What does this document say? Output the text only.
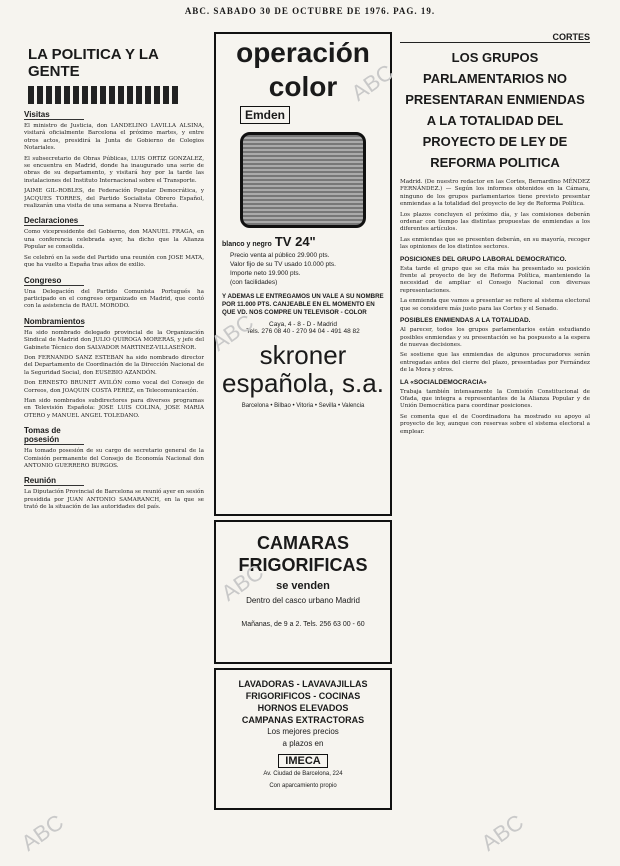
ABC. SABADO 30 DE OCTUBRE DE 1976. PAG. 19.
LA POLITICA Y LA GENTE
Visitas

El ministro de Justicia, don LANDELINO LAVILLA ALSINA, visitará oficialmente Barcelona el próximo martes, y entre otros actos, presidirá la Junta de Gobierno de Colegios Notariales.

El subsecretario de Obras Públicas, LUIS ORTIZ GONZALEZ, se encuentra en Madrid, donde ha inaugurado una serie de obras de su departamento, y visitará hoy por la tarde las instalaciones del Instituto Internacional sobre el Transporte.

JAIME GIL-ROBLES, de Federación Popular Democrática, y JACQUES TORRES, del Partido Socialista Obrero Español, realizarán una visita de una semana a Nueva Bretaña.

Declaraciones

Como vicepresidente del Gobierno, don MANUEL FRAGA, en una conferencia celebrada ayer, ha dicho que la Alianza Popular se consolida.

Se celebró en la sede del Partido una reunión con JOSE MATA, que ha vuelto a España tras años de exilio.

Congreso

Una Delegación del Partido Comunista Portugués ha participado en el congreso organizado en Madrid, que contó con la asistencia de RAUL MORODO.

Nombramientos

Ha sido nombrado delegado provincial de la Organización Sindical de Madrid don JULIO QUIROGA MORERAS, y jefe del Gabinete Técnico don SALVADOR MARTINEZ-VILLASEÑOR.

Don FERNANDO SANZ ESTEBAN ha sido nombrado director del Departamento de Coordinación de la Dirección Nacional de la Seguridad Social, don EUSEBIO AZANDÓN.

Don ERNESTO BRUNET AVILÓN como vocal del Consejo de Correos, don JOAQUIN COSTA PEREZ, en Telecomunicación.

Han sido nombrados subdirectores para diversos programas en Televisión Española: JOSE LUIS COLINA, JOSE MARIA OTERO y MANUEL ANGEL TOLEDANO.

Tomas de posesión

Ha tomado posesión de su cargo de secretario general de la Comisión permanente del Consejo de Economía Nacional don ANTONIO GUERRERO BURGOS.

Reunión

La Diputación Provincial de Barcelona se reunió ayer en sesión presidida por JUAN ANTONIO SAMARANCH, en la que se trató de la situación de las autoridades del país.

operación
color
Emden
blanco y negro TV 24"
Precio venta al público 29.900 pts.
Valor fijo de su TV usado 10.000 pts.
Importe neto 19.900 pts.
(con facilidades)
Y ADEMAS LE ENTREGAMOS UN VALE A SU NOMBRE POR 11.000 PTS. CANJEABLE EN EL MOMENTO EN QUE VD. NOS COMPRE UN TELEVISOR - COLOR
Caya, 4 - 8 - D - Madrid
Tels. 276 08 40 - 270 94 04 - 491 48 82
skroner
española, s.a.
Barcelona • Bilbao • Vitoria • Sevilla • Valencia
CAMARAS
FRIGORIFICAS
se venden
Dentro del casco urbano Madrid
Mañanas, de 9 a 2. Tels. 256 63 00 - 60
LAVADORAS - LAVAVAJILLAS
FRIGORIFICOS - COCINAS
HORNOS ELEVADOS
CAMPANAS EXTRACTORAS
Los mejores precios
a plazos en
IMECA
Av. Ciudad de Barcelona, 224
Con aparcamiento propio
CORTES
LOS GRUPOS PARLAMENTARIOS NO PRESENTARAN ENMIENDAS A LA TOTALIDAD DEL PROYECTO DE LEY DE REFORMA POLITICA

Madrid. (De nuestro redactor en las Cortes, Bernardino MÉNDEZ FERNÁNDEZ.) — Según los informes obtenidos en la Cámara, ninguno de los grupos parlamentarios tiene previsto presentar enmiendas a la totalidad del proyecto de ley de Reforma Política.

Los plazos concluyen el próximo día, y las comisiones deberán ordenar con tiempo las distintas propuestas de enmiendas a los diferentes artículos.

Las enmiendas que se presenten deberán, en su mayoría, recoger las opiniones de los distintos sectores.

POSICIONES DEL GRUPO LABORAL DEMOCRATICO.

Esta tarde el grupo que se cita más ha presentado su posición frente al proyecto de ley de Reforma Política, manteniendo la necesidad de ampliar el Consejo Nacional con diversas representaciones.

La enmienda que vamos a presentar se refiere al sistema electoral que se considere más justo para las Cortes y el Senado.

POSIBLES ENMIENDAS A LA TOTALIDAD.

Al parecer, todos los grupos parlamentarios están estudiando posibles enmiendas y su presentación se ha pospuesto a la espera de nuevas decisiones.

Se sostiene que las enmiendas de algunos procuradores serán entregadas antes del cierre del plazo, presentadas por Fernández de la Mora y otros.

LA «SOCIALDEMOCRACIA»

Trabaja también intensamente la Comisión Constitucional de Ofada, que integra a representantes de la Alianza Popular y de Unión Democrática para coordinar posiciones.

Se comenta que el de Coordinadora ha mostrado su apoyo al proyecto de ley, aunque con reservas sobre el sistema electoral a emplear.

ABC
ABC
ABC
ABC
ABC
